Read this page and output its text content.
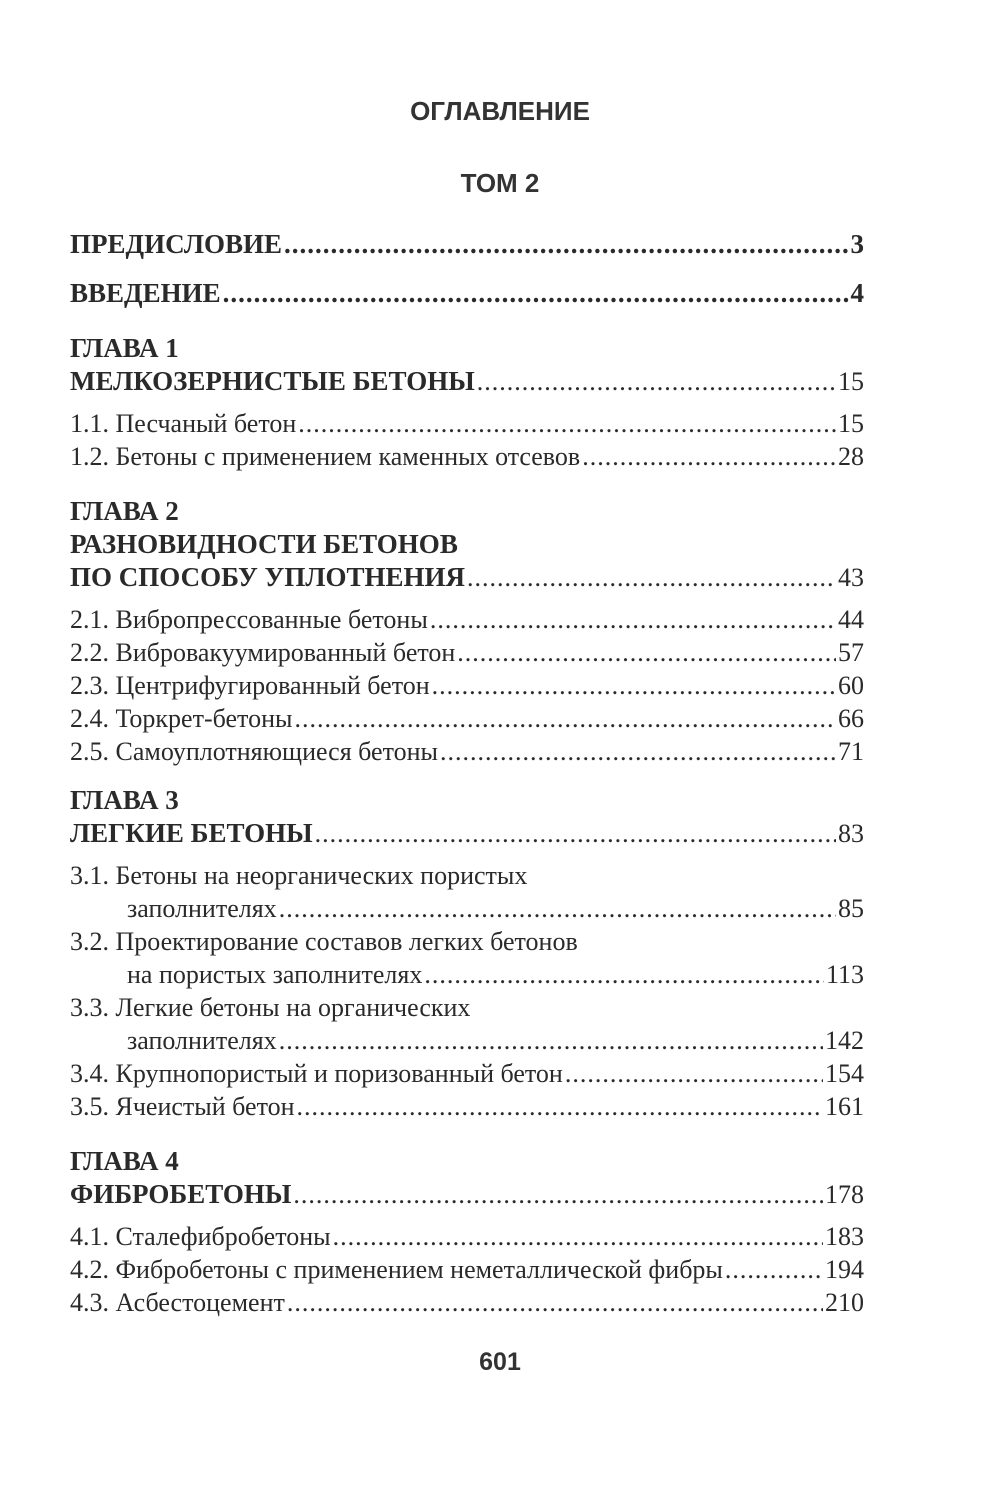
ОГЛАВЛЕНИЕ
ТОМ 2
ПРЕДИСЛОВИЕ .....	3
ВВЕДЕНИЕ .....	4
ГЛАВА 1
МЕЛКОЗЕРНИСТЫЕ БЕТОНЫ .....	15
1.1. Песчаный бетон .....	15
1.2. Бетоны с применением каменных отсевов .....	28
ГЛАВА 2
РАЗНОВИДНОСТИ БЕТОНОВ
ПО СПОСОБУ УПЛОТНЕНИЯ .....	43
2.1. Вибропрессованные бетоны .....	44
2.2. Вибровакуумированный бетон .....	57
2.3. Центрифугированный бетон .....	60
2.4. Торкрет-бетоны .....	66
2.5. Самоуплотняющиеся бетоны .....	71
ГЛАВА 3
ЛЕГКИЕ БЕТОНЫ .....	83
3.1. Бетоны на неорганических пористых
заполнителях .....	85
3.2. Проектирование составов легких бетонов
на пористых заполнителях .....	113
3.3. Легкие бетоны на органических
заполнителях .....	142
3.4. Крупнопористый и поризованный бетон .....	154
3.5. Ячеистый бетон .....	161
ГЛАВА 4
ФИБРОБЕТОНЫ .....	178
4.1. Сталефибробетоны .....	183
4.2. Фибробетоны с применением неметаллической фибры .....	194
4.3. Асбестоцемент .....	210
601
